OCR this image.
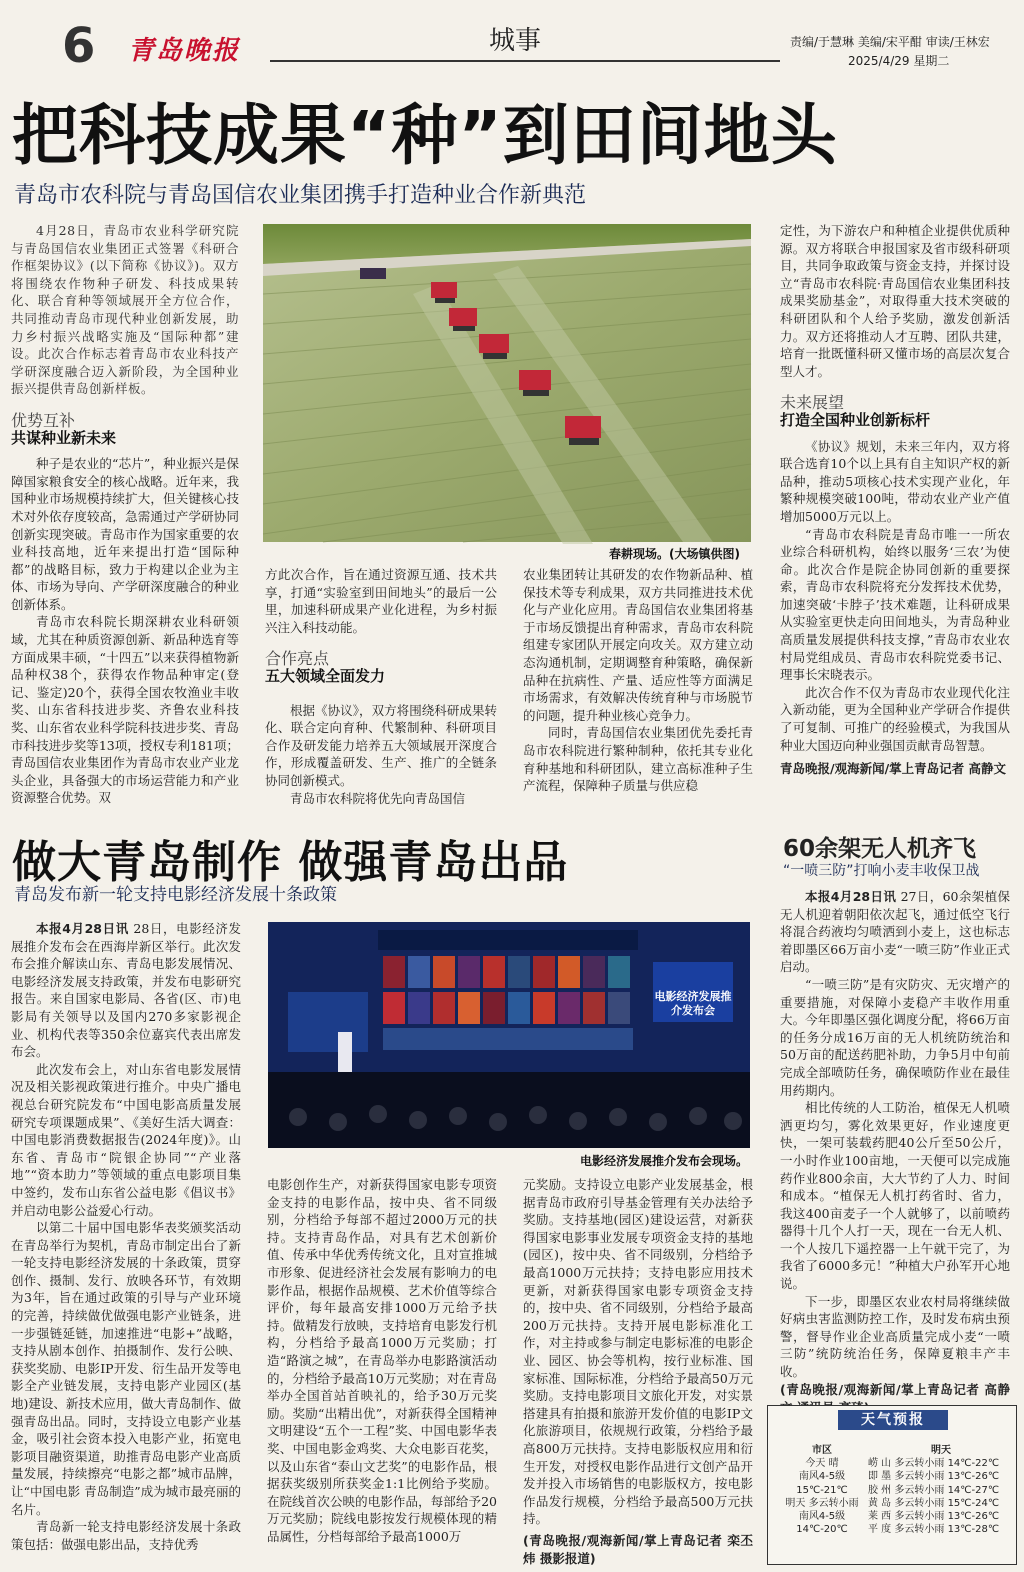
6 青岛晚报	城事	责编/于慧琳 美编/宋平酣 审读/王林宏
2025/4/29 星期二
把科技成果“种”到田间地头
青岛市农科院与青岛国信农业集团携手打造种业合作新典范

4月28日，青岛市农业科学研究院与青岛国信农业集团正式签署《科研合作框架协议》(以下简称《协议》)。双方将围绕农作物种子研发、科技成果转化、联合育种等领域展开全方位合作，共同推动青岛市现代种业创新发展，助力乡村振兴战略实施及“国际种都”建设。此次合作标志着青岛市农业科技产学研深度融合迈入新阶段，为全国种业振兴提供青岛创新样板。

优势互补
共谋种业新未来

种子是农业的“芯片”，种业振兴是保障国家粮食安全的核心战略。近年来，我国种业市场规模持续扩大，但关键核心技术对外依存度较高，急需通过产学研协同创新实现突破。青岛市作为国家重要的农业科技高地，近年来提出打造“国际种都”的战略目标，致力于构建以企业为主体、市场为导向、产学研深度融合的种业创新体系。

青岛市农科院长期深耕农业科研领域，尤其在种质资源创新、新品种选育等方面成果丰硕，“十四五”以来获得植物新品种权38个，获得农作物品种审定(登记、鉴定)20个，获得全国农牧渔业丰收奖、山东省科技进步奖、齐鲁农业科技奖、山东省农业科学院科技进步奖、青岛市科技进步奖等13项，授权专利181项；青岛国信农业集团作为青岛市农业产业龙头企业，具备强大的市场运营能力和产业资源整合优势。双

春耕现场。(大场镇供图)

方此次合作，旨在通过资源互通、技术共享，打通“实验室到田间地头”的最后一公里，加速科研成果产业化进程，为乡村振兴注入科技动能。

合作亮点
五大领域全面发力

根据《协议》，双方将围绕科研成果转化、联合定向育种、代繁制种、科研项目合作及研发能力培养五大领域展开深度合作，形成覆盖研发、生产、推广的全链条协同创新模式。

青岛市农科院将优先向青岛国信

农业集团转让其研发的农作物新品种、植保技术等专利成果，双方共同推进技术优化与产业化应用。青岛国信农业集团将基于市场反馈提出育种需求，青岛市农科院组建专家团队开展定向攻关。双方建立动态沟通机制，定期调整育种策略，确保新品种在抗病性、产量、适应性等方面满足市场需求，有效解决传统育种与市场脱节的问题，提升种业核心竞争力。

同时，青岛国信农业集团优先委托青岛市农科院进行繁种制种，依托其专业化育种基地和科研团队，建立高标准种子生产流程，保障种子质量与供应稳

定性，为下游农户和种植企业提供优质种源。双方将联合申报国家及省市级科研项目，共同争取政策与资金支持，并探讨设立“青岛市农科院·青岛国信农业集团科技成果奖励基金”，对取得重大技术突破的科研团队和个人给予奖励，激发创新活力。双方还将推动人才互聘、团队共建，培育一批既懂科研又懂市场的高层次复合型人才。

未来展望
打造全国种业创新标杆

《协议》规划，未来三年内，双方将联合选育10个以上具有自主知识产权的新品种，推动5项核心技术实现产业化，年繁种规模突破100吨，带动农业产业产值增加5000万元以上。

“青岛市农科院是青岛市唯一一所农业综合科研机构，始终以服务‘三农’为使命。此次合作是院企协同创新的重要探索，青岛市农科院将充分发挥技术优势，加速突破‘卡脖子’技术难题，让科研成果从实验室更快走向田间地头，为青岛种业高质量发展提供科技支撑，”青岛市农业农村局党组成员、青岛市农科院党委书记、理事长宋晓表示。

此次合作不仅为青岛市农业现代化注入新动能，更为全国种业产学研合作提供了可复制、可推广的经验模式，为我国从种业大国迈向种业强国贡献青岛智慧。

青岛晚报/观海新闻/掌上青岛记者 高静文
做大青岛制作 做强青岛出品
青岛发布新一轮支持电影经济发展十条政策

本报4月28日讯 28日，电影经济发展推介发布会在西海岸新区举行。此次发布会推介解读山东、青岛电影发展情况、电影经济发展支持政策，并发布电影研究报告。来自国家电影局、各省(区、市)电影局有关领导以及国内270多家影视企业、机构代表等350余位嘉宾代表出席发布会。

此次发布会上，对山东省电影发展情况及相关影视政策进行推介。中央广播电视总台研究院发布“中国电影高质量发展研究专项课题成果”、《美好生活大调查：中国电影消费数据报告(2024年度)》。山东省、青岛市“院银企协同”“产业落地”“资本助力”等领域的重点电影项目集中签约，发布山东省公益电影《倡议书》并启动电影公益爱心行动。

以第二十届中国电影华表奖颁奖活动在青岛举行为契机，青岛市制定出台了新一轮支持电影经济发展的十条政策，贯穿创作、摄制、发行、放映各环节，有效期为3年，旨在通过政策的引导与产业环境的完善，持续做优做强电影产业链条，进一步强链延链，加速推进“电影+”战略，支持从剧本创作、拍摄制作、发行公映、获奖奖励、电影IP开发、衍生品开发等电影全产业链发展，支持电影产业园区(基地)建设、新技术应用，做大青岛制作、做强青岛出品。同时，支持设立电影产业基金，吸引社会资本投入电影产业，拓宽电影项目融资渠道，助推青岛电影产业高质量发展，持续擦亮“电影之都”城市品牌，让“中国电影 青岛制造”成为城市最亮丽的名片。

青岛新一轮支持电影经济发展十条政策包括：做强电影出品，支持优秀

电影经济发展推介发布会
电影经济发展推介发布会现场。

电影创作生产，对新获得国家电影专项资金支持的电影作品，按中央、省不同级别，分档给予每部不超过2000万元的扶持。支持青岛作品，对具有艺术创新价值、传承中华优秀传统文化，且对宣推城市形象、促进经济社会发展有影响力的电影作品，根据作品规模、艺术价值等综合评价，每年最高安排1000万元给予扶持。做精发行放映，支持培育电影发行机构，分档给予最高1000万元奖励；打造“路演之城”，在青岛举办电影路演活动的，分档给予最高10万元奖励；对在青岛举办全国首站首映礼的，给予30万元奖励。奖励“出精出优”，对新获得全国精神文明建设“五个一工程”奖、中国电影华表奖、中国电影金鸡奖、大众电影百花奖，以及山东省“泰山文艺奖”的电影作品，根据获奖级别所获奖金1:1比例给予奖励。在院线首次公映的电影作品，每部给予20万元奖励；院线电影按发行规模体现的精品属性，分档每部给予最高1000万

元奖励。支持设立电影产业发展基金，根据青岛市政府引导基金管理有关办法给予奖励。支持基地(园区)建设运营，对新获得国家电影事业发展专项资金支持的基地(园区)，按中央、省不同级别，分档给予最高1000万元扶持；支持电影应用技术更新，对新获得国家电影专项资金支持的，按中央、省不同级别，分档给予最高200万元扶持。支持开展电影标准化工作，对主持或参与制定电影标准的电影企业、园区、协会等机构，按行业标准、国家标准、国际标准，分档给予最高50万元奖励。支持电影项目文旅化开发，对实景搭建具有拍摄和旅游开发价值的电影IP文化旅游项目，依规规行政策，分档给予最高800万元扶持。支持电影版权应用和衍生开发，对授权电影作品进行文创产品开发并投入市场销售的电影版权方，按电影作品发行规模，分档给予最高500万元扶持。

(青岛晚报/观海新闻/掌上青岛记者 栾丕炜 摄影报道)
60余架无人机齐飞
“一喷三防”打响小麦丰收保卫战

本报4月28日讯 27日，60余架植保无人机迎着朝阳依次起飞，通过低空飞行将混合药液均匀喷洒到小麦上，这也标志着即墨区66万亩小麦“一喷三防”作业正式启动。

“一喷三防”是有灾防灾、无灾增产的重要措施，对保障小麦稳产丰收作用重大。今年即墨区强化调度分配，将66万亩的任务分成16万亩的无人机统防统治和50万亩的配送药肥补助，力争5月中旬前完成全部喷防任务，确保喷防作业在最佳用药期内。

相比传统的人工防治，植保无人机喷洒更均匀，雾化效果更好，作业速度更快，一架可装载药肥40公斤至50公斤，一小时作业100亩地，一天便可以完成施药作业800余亩，大大节约了人力、时间和成本。“植保无人机打药省时、省力，我这400亩麦子一个人就够了，以前喷药器得十几个人打一天，现在一台无人机、一个人按几下遥控器一上午就干完了，为我省了6000多元！”种植大户孙军开心地说。

下一步，即墨区农业农村局将继续做好病虫害监测防控工作，及时发布病虫预警，督导作业企业高质量完成小麦“一喷三防”统防统治任务，保障夏粮丰产丰收。

(青岛晚报/观海新闻/掌上青岛记者 高静
天气预报
市区
今天 晴
南风4-5级
15℃-21℃
明天 多云转小雨
南风4-5级
14℃-20℃
明天
崂 山 多云转小雨 14℃-22℃
即 墨 多云转小雨 13℃-26℃
胶 州 多云转小雨 14℃-27℃
黄 岛 多云转小雨 15℃-24℃
莱 西 多云转小雨 13℃-26℃
平 度 多云转小雨 13℃-28℃
